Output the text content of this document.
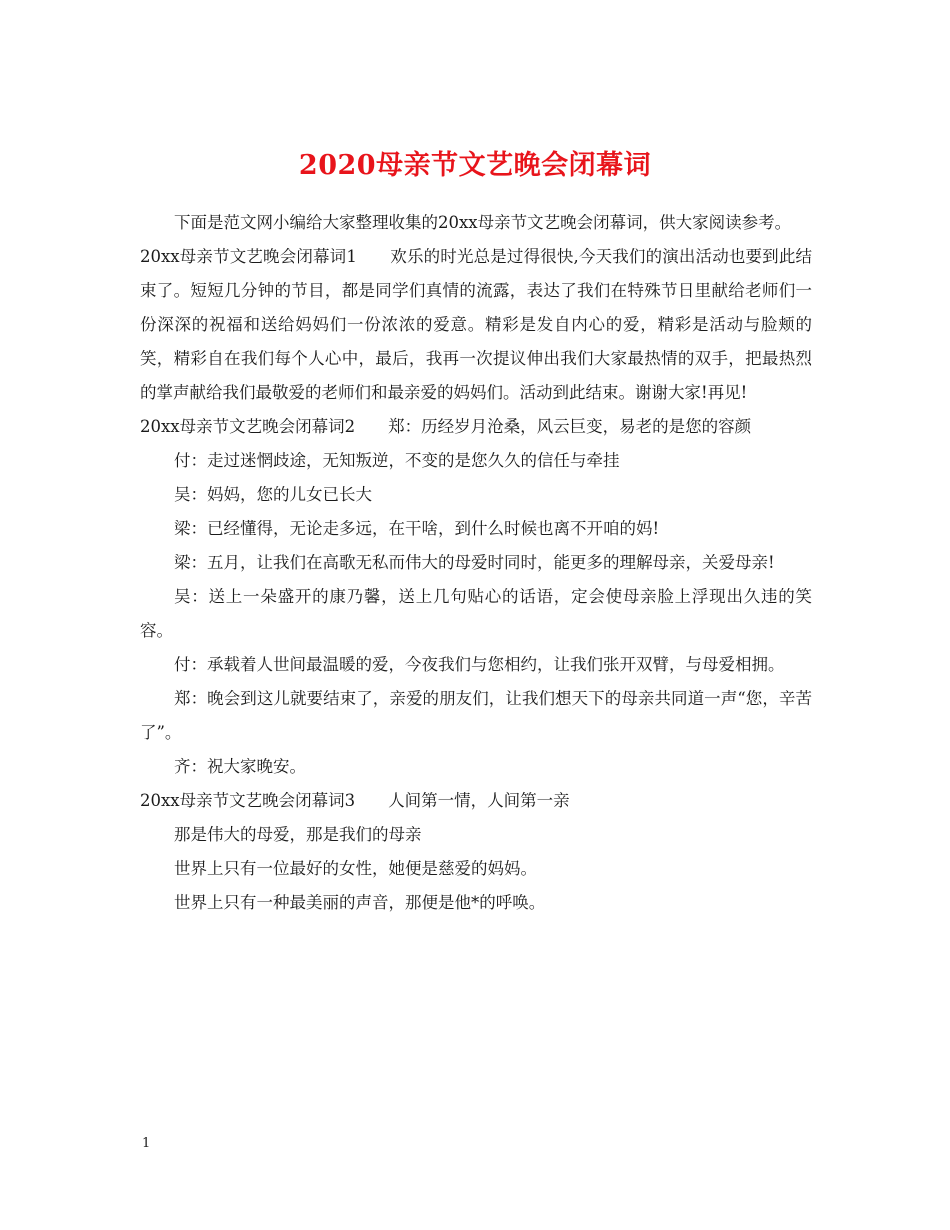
2020母亲节文艺晚会闭幕词

下面是范文网小编给大家整理收集的20xx母亲节文艺晚会闭幕词，供大家阅读参考。

20xx母亲节文艺晚会闭幕词1　　欢乐的时光总是过得很快,今天我们的演出活动也要到此结束了。短短几分钟的节目，都是同学们真情的流露，表达了我们在特殊节日里献给老师们一份深深的祝福和送给妈妈们一份浓浓的爱意。精彩是发自内心的爱，精彩是活动与脸颊的笑，精彩自在我们每个人心中，最后，我再一次提议伸出我们大家最热情的双手，把最热烈的掌声献给我们最敬爱的老师们和最亲爱的妈妈们。活动到此结束。谢谢大家!再见!

20xx母亲节文艺晚会闭幕词2　　郑：历经岁月沧桑，风云巨变，易老的是您的容颜

付：走过迷惘歧途，无知叛逆，不变的是您久久的信任与牵挂

吴：妈妈，您的儿女已长大

梁：已经懂得，无论走多远，在干啥，到什么时候也离不开咱的妈!

梁：五月，让我们在高歌无私而伟大的母爱时同时，能更多的理解母亲，关爱母亲!

吴：送上一朵盛开的康乃馨，送上几句贴心的话语，定会使母亲脸上浮现出久违的笑容。

付：承载着人世间最温暖的爱，今夜我们与您相约，让我们张开双臂，与母爱相拥。

郑：晚会到这儿就要结束了，亲爱的朋友们，让我们想天下的母亲共同道一声“您，辛苦了”。

齐：祝大家晚安。

20xx母亲节文艺晚会闭幕词3　　人间第一情，人间第一亲

那是伟大的母爱，那是我们的母亲

世界上只有一位最好的女性，她便是慈爱的妈妈。

世界上只有一种最美丽的声音，那便是他*的呼唤。

1
